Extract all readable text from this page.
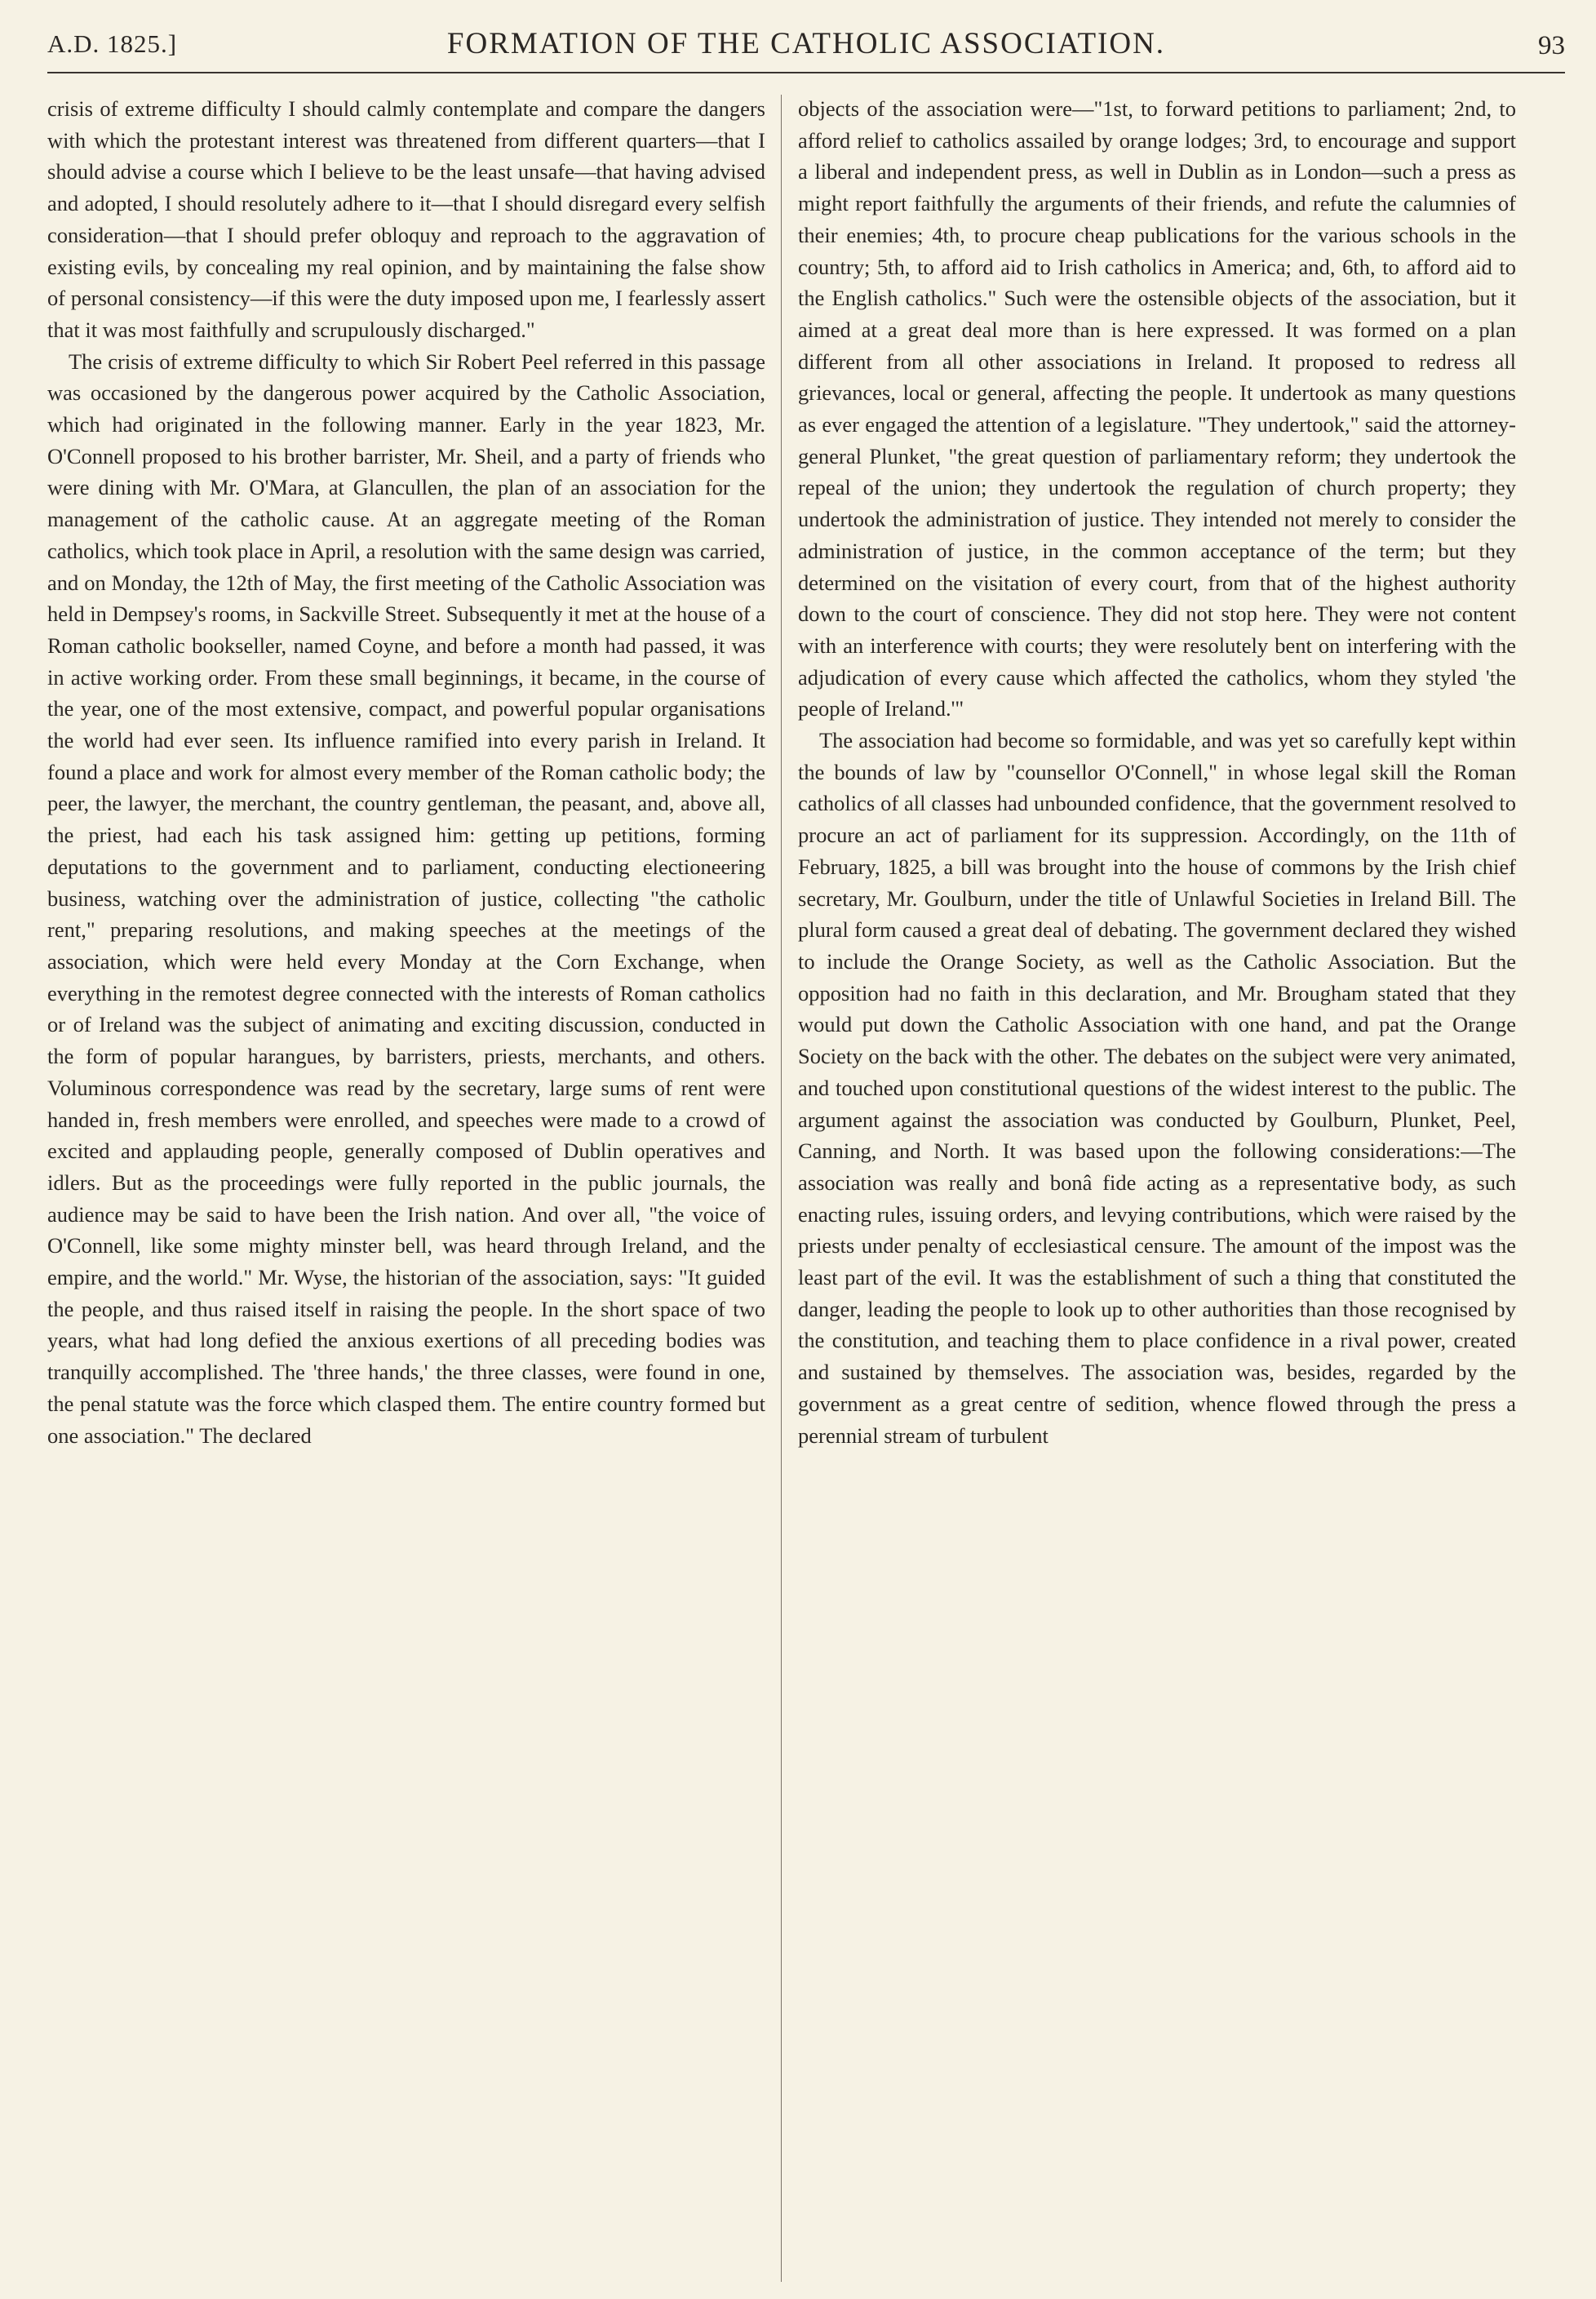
A.D. 1825.]	FORMATION OF THE CATHOLIC ASSOCIATION.	93

crisis of extreme difficulty I should calmly contemplate and compare the dangers with which the protestant interest was threatened from different quarters—that I should advise a course which I believe to be the least unsafe—that having advised and adopted, I should resolutely adhere to it—that I should disregard every selfish consideration—that I should prefer obloquy and reproach to the aggravation of existing evils, by concealing my real opinion, and by maintaining the false show of personal consistency—if this were the duty imposed upon me, I fearlessly assert that it was most faithfully and scrupulously discharged."

The crisis of extreme difficulty to which Sir Robert Peel referred in this passage was occasioned by the dangerous power acquired by the Catholic Association, which had originated in the following manner. Early in the year 1823, Mr. O'Connell proposed to his brother barrister, Mr. Sheil, and a party of friends who were dining with Mr. O'Mara, at Glancullen, the plan of an association for the management of the catholic cause. At an aggregate meeting of the Roman catholics, which took place in April, a resolution with the same design was carried, and on Monday, the 12th of May, the first meeting of the Catholic Association was held in Dempsey's rooms, in Sackville Street. Subsequently it met at the house of a Roman catholic bookseller, named Coyne, and before a month had passed, it was in active working order. From these small beginnings, it became, in the course of the year, one of the most extensive, compact, and powerful popular organisations the world had ever seen. Its influence ramified into every parish in Ireland. It found a place and work for almost every member of the Roman catholic body; the peer, the lawyer, the merchant, the country gentleman, the peasant, and, above all, the priest, had each his task assigned him: getting up petitions, forming deputations to the government and to parliament, conducting electioneering business, watching over the administration of justice, collecting "the catholic rent," preparing resolutions, and making speeches at the meetings of the association, which were held every Monday at the Corn Exchange, when everything in the remotest degree connected with the interests of Roman catholics or of Ireland was the subject of animating and exciting discussion, conducted in the form of popular harangues, by barristers, priests, merchants, and others. Voluminous correspondence was read by the secretary, large sums of rent were handed in, fresh members were enrolled, and speeches were made to a crowd of excited and applauding people, generally composed of Dublin operatives and idlers. But as the proceedings were fully reported in the public journals, the audience may be said to have been the Irish nation. And over all, "the voice of O'Connell, like some mighty minster bell, was heard through Ireland, and the empire, and the world." Mr. Wyse, the historian of the association, says: "It guided the people, and thus raised itself in raising the people. In the short space of two years, what had long defied the anxious exertions of all preceding bodies was tranquilly accomplished. The 'three hands,' the three classes, were found in one, the penal statute was the force which clasped them. The entire country formed but one association." The declared

objects of the association were—"1st, to forward petitions to parliament; 2nd, to afford relief to catholics assailed by orange lodges; 3rd, to encourage and support a liberal and independent press, as well in Dublin as in London—such a press as might report faithfully the arguments of their friends, and refute the calumnies of their enemies; 4th, to procure cheap publications for the various schools in the country; 5th, to afford aid to Irish catholics in America; and, 6th, to afford aid to the English catholics." Such were the ostensible objects of the association, but it aimed at a great deal more than is here expressed. It was formed on a plan different from all other associations in Ireland. It proposed to redress all grievances, local or general, affecting the people. It undertook as many questions as ever engaged the attention of a legislature. "They undertook," said the attorney-general Plunket, "the great question of parliamentary reform; they undertook the repeal of the union; they undertook the regulation of church property; they undertook the administration of justice. They intended not merely to consider the administration of justice, in the common acceptance of the term; but they determined on the visitation of every court, from that of the highest authority down to the court of conscience. They did not stop here. They were not content with an interference with courts; they were resolutely bent on interfering with the adjudication of every cause which affected the catholics, whom they styled 'the people of Ireland.'"

The association had become so formidable, and was yet so carefully kept within the bounds of law by "counsellor O'Connell," in whose legal skill the Roman catholics of all classes had unbounded confidence, that the government resolved to procure an act of parliament for its suppression. Accordingly, on the 11th of February, 1825, a bill was brought into the house of commons by the Irish chief secretary, Mr. Goulburn, under the title of Unlawful Societies in Ireland Bill. The plural form caused a great deal of debating. The government declared they wished to include the Orange Society, as well as the Catholic Association. But the opposition had no faith in this declaration, and Mr. Brougham stated that they would put down the Catholic Association with one hand, and pat the Orange Society on the back with the other. The debates on the subject were very animated, and touched upon constitutional questions of the widest interest to the public. The argument against the association was conducted by Goulburn, Plunket, Peel, Canning, and North. It was based upon the following considerations:—The association was really and bonâ fide acting as a representative body, as such enacting rules, issuing orders, and levying contributions, which were raised by the priests under penalty of ecclesiastical censure. The amount of the impost was the least part of the evil. It was the establishment of such a thing that constituted the danger, leading the people to look up to other authorities than those recognised by the constitution, and teaching them to place confidence in a rival power, created and sustained by themselves. The association was, besides, regarded by the government as a great centre of sedition, whence flowed through the press a perennial stream of turbulent
